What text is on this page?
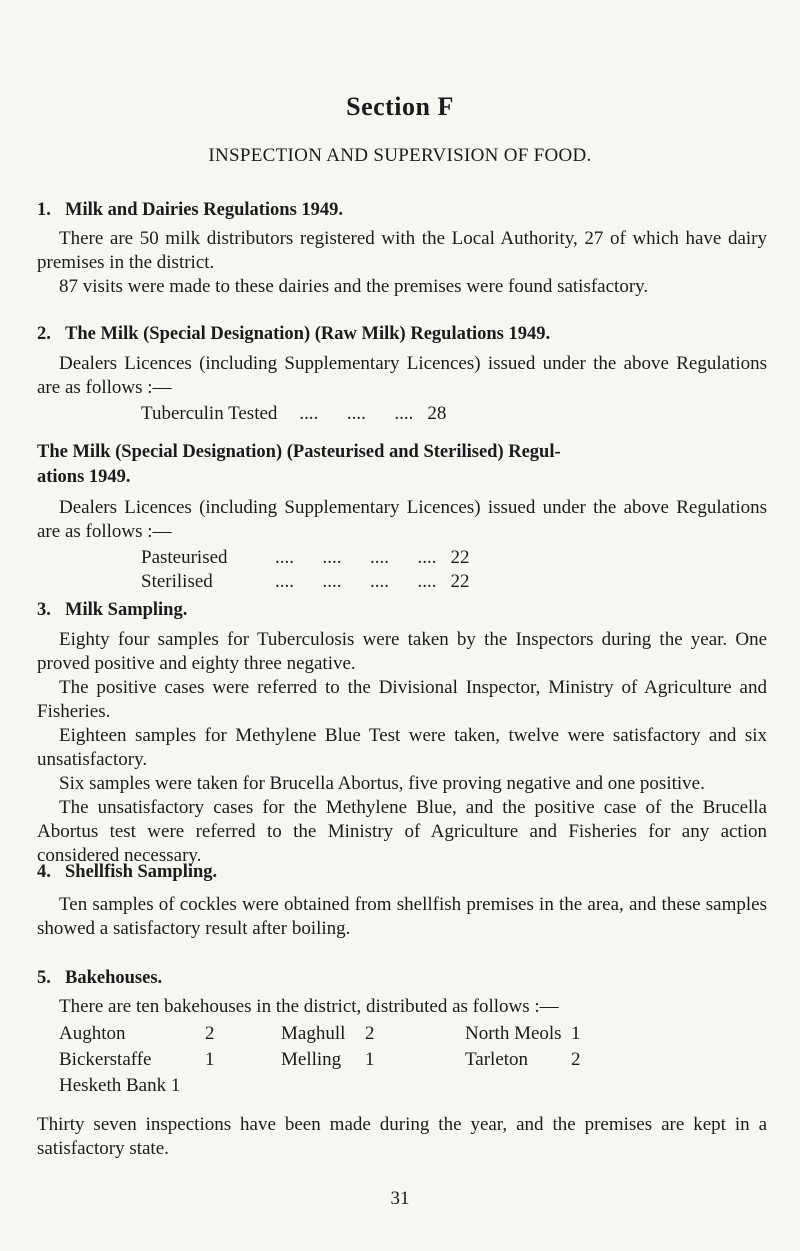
Section F
INSPECTION AND SUPERVISION OF FOOD.
1. Milk and Dairies Regulations 1949.

There are 50 milk distributors registered with the Local Authority, 27 of which have dairy premises in the district.

87 visits were made to these dairies and the premises were found satisfactory.

2. The Milk (Special Designation) (Raw Milk) Regulations 1949.

Dealers Licences (including Supplementary Licences) issued under the above Regulations are as follows :—

Tuberculin Tested ....      ....      .... 28
The Milk (Special Designation) (Pasteurised and Sterilised) Regul-
ations 1949.

Dealers Licences (including Supplementary Licences) issued under the above Regulations are as follows :—

Pasteurised	....      ....      ....      .... 22
Sterilised	....      ....      ....      .... 22
3. Milk Sampling.

Eighty four samples for Tuberculosis were taken by the Inspectors during the year. One proved positive and eighty three negative.

The positive cases were referred to the Divisional Inspector, Ministry of Agriculture and Fisheries.

Eighteen samples for Methylene Blue Test were taken, twelve were satisfactory and six unsatisfactory.

Six samples were taken for Brucella Abortus, five proving negative and one positive.

The unsatisfactory cases for the Methylene Blue, and the positive case of the Brucella Abortus test were referred to the Ministry of Agriculture and Fisheries for any action considered necessary.

4. Shellfish Sampling.

Ten samples of cockles were obtained from shellfish premises in the area, and these samples showed a satisfactory result after boiling.

5. Bakehouses.

There are ten bakehouses in the district, distributed as follows :—

Aughton	2	Maghull	2	North Meols	1
Bickerstaffe	1	Melling	1	Tarleton	2
Hesketh Bank 1					

Thirty seven inspections have been made during the year, and the premises are kept in a satisfactory state.

31
